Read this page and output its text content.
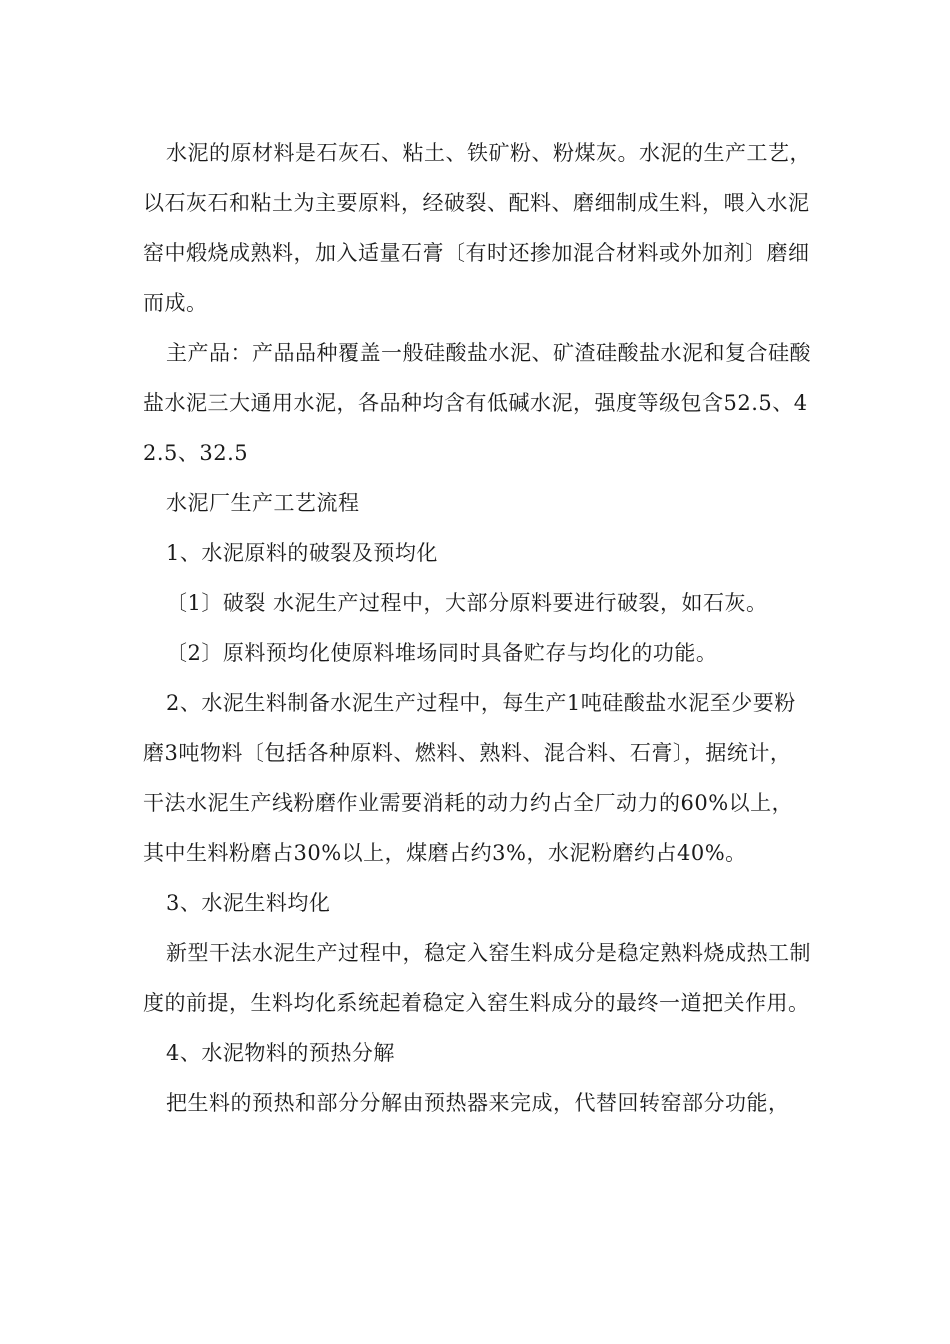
水泥的原材料是石灰石、粘土、铁矿粉、粉煤灰。水泥的生产工艺，以石灰石和粘土为主要原料，经破裂、配料、磨细制成生料，喂入水泥窑中煅烧成熟料，加入适量石膏〔有时还掺加混合材料或外加剂〕磨细而成。

主产品：产品品种覆盖一般硅酸盐水泥、矿渣硅酸盐水泥和复合硅酸盐水泥三大通用水泥，各品种均含有低碱水泥，强度等级包含52.5、42.5、32.5

水泥厂生产工艺流程

1、水泥原料的破裂及预均化

〔1〕破裂 水泥生产过程中，大部分原料要进行破裂，如石灰。

〔2〕原料预均化使原料堆场同时具备贮存与均化的功能。

2、水泥生料制备水泥生产过程中，每生产1吨硅酸盐水泥至少要粉磨3吨物料〔包括各种原料、燃料、熟料、混合料、石膏〕，据统计，干法水泥生产线粉磨作业需要消耗的动力约占全厂动力的60%以上，其中生料粉磨占30%以上，煤磨占约3%，水泥粉磨约占40%。

3、水泥生料均化

新型干法水泥生产过程中，稳定入窑生料成分是稳定熟料烧成热工制度的前提，生料均化系统起着稳定入窑生料成分的最终一道把关作用。

4、水泥物料的预热分解

把生料的预热和部分分解由预热器来完成，代替回转窑部分功能，
